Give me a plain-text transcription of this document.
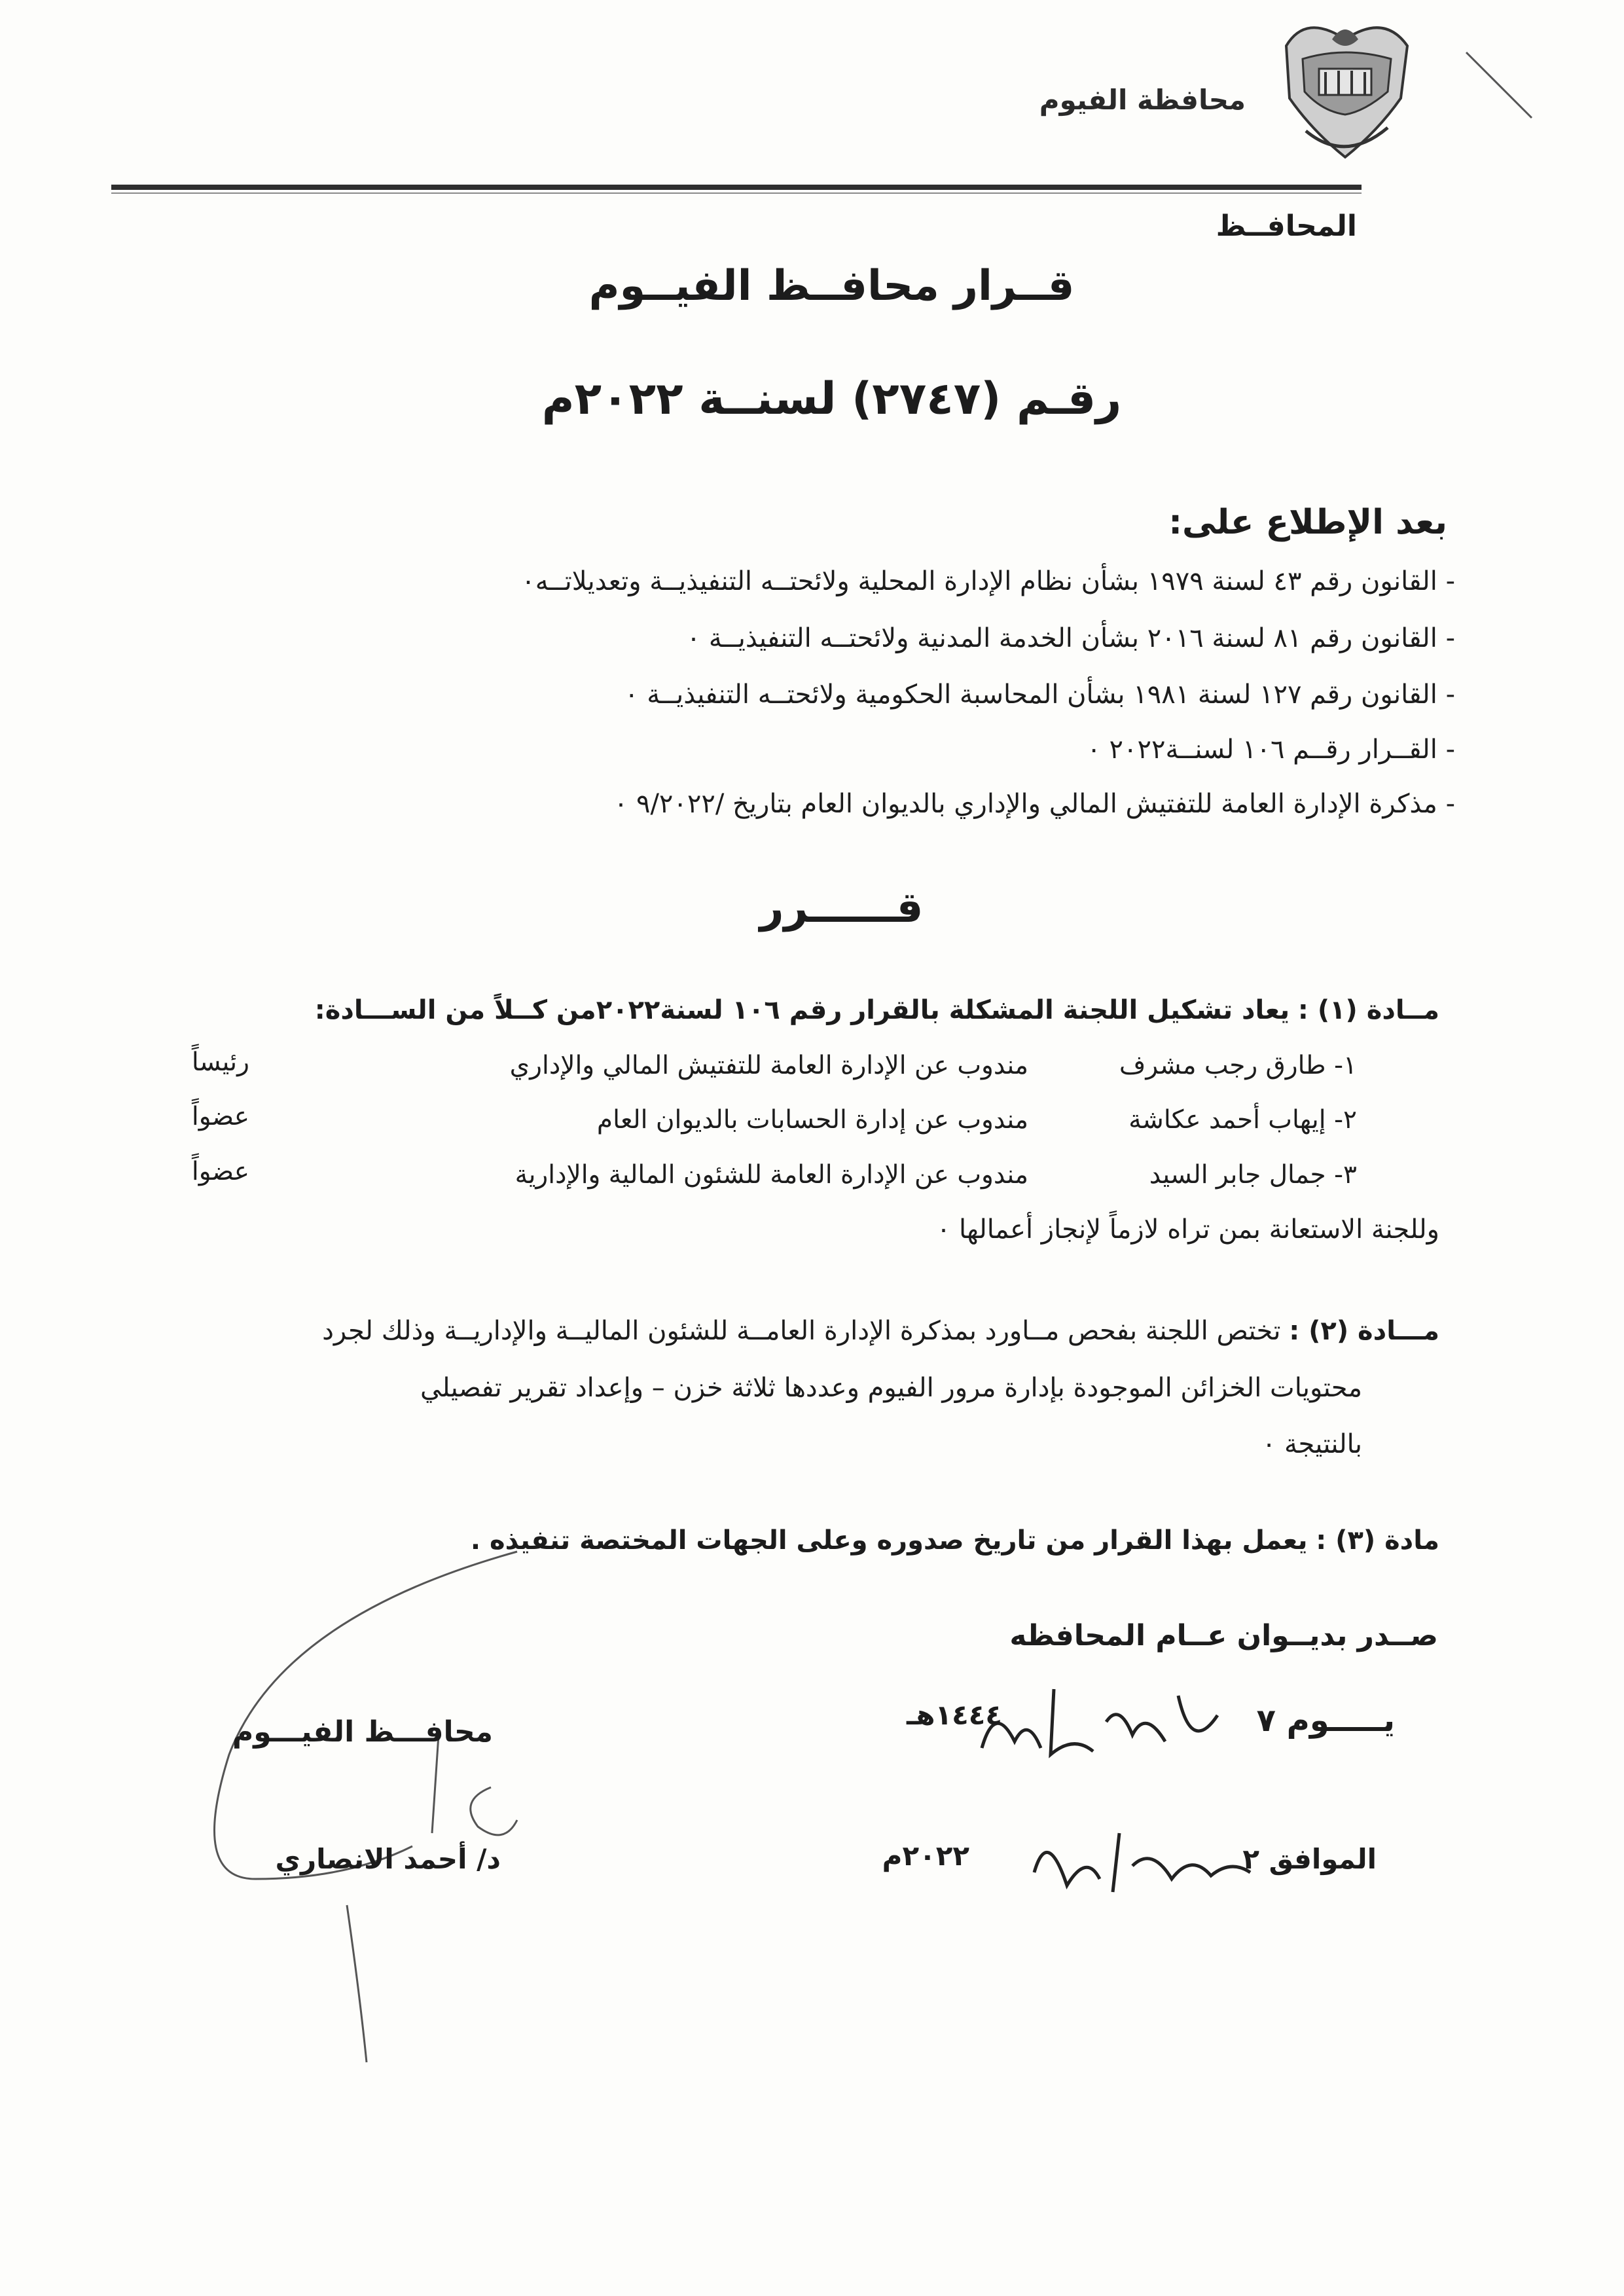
محافظة الفيوم
المحافــظ
قــرار محافــظ الفيــوم
رقـم (٢٧٤٧) لسنــة ٢٠٢٢م
بعد الإطلاع على:
- القانون رقم ٤٣ لسنة ١٩٧٩ بشأن نظام الإدارة المحلية ولائحتــه التنفيذيــة وتعديلاتــه٠
- القانون رقم ٨١ لسنة ٢٠١٦ بشأن الخدمة المدنية ولائحتــه التنفيذيــة ٠
- القانون رقم ١٢٧ لسنة ١٩٨١ بشأن المحاسبة الحكومية ولائحتــه التنفيذيــة ٠
- القــرار رقــم ١٠٦ لسنــة٢٠٢٢ ٠
- مذكرة الإدارة العامة للتفتيش المالي والإداري بالديوان العام بتاريخ /٩/٢٠٢٢ ٠
قــــــرر
مــادة (١) : يعاد تشكيل اللجنة المشكلة بالقرار رقم ١٠٦ لسنة٢٠٢٢من كــلاً من الســـادة:
١- طارق رجب مشرف
مندوب عن الإدارة العامة للتفتيش المالي والإداري
رئيساً
٢- إيهاب أحمد عكاشة
مندوب عن إدارة الحسابات بالديوان العام
عضواً
٣- جمال جابر السيد
مندوب عن الإدارة العامة للشئون المالية والإدارية
عضواً
وللجنة الاستعانة بمن تراه لازماً لإنجاز أعمالها ٠
مـــادة (٢) : تختص اللجنة بفحص مــاورد بمذكرة الإدارة العامــة للشئون الماليــة والإداريــة وذلك لجرد
محتويات الخزائن الموجودة بإدارة مرور الفيوم وعددها ثلاثة خزن – وإعداد تقرير تفصيلي
بالنتيجة ٠
مادة (٣) : يعمل بهذا القرار من تاريخ صدوره وعلى الجهات المختصة تنفيذه .
صــدر بديــوان عــام المحافظه
يـــــوم ٧
١٤٤٤هـ
الموافق ٢
٢٠٢٢م
محافـــظ الفيـــوم
د/ أحمد الانصاري
